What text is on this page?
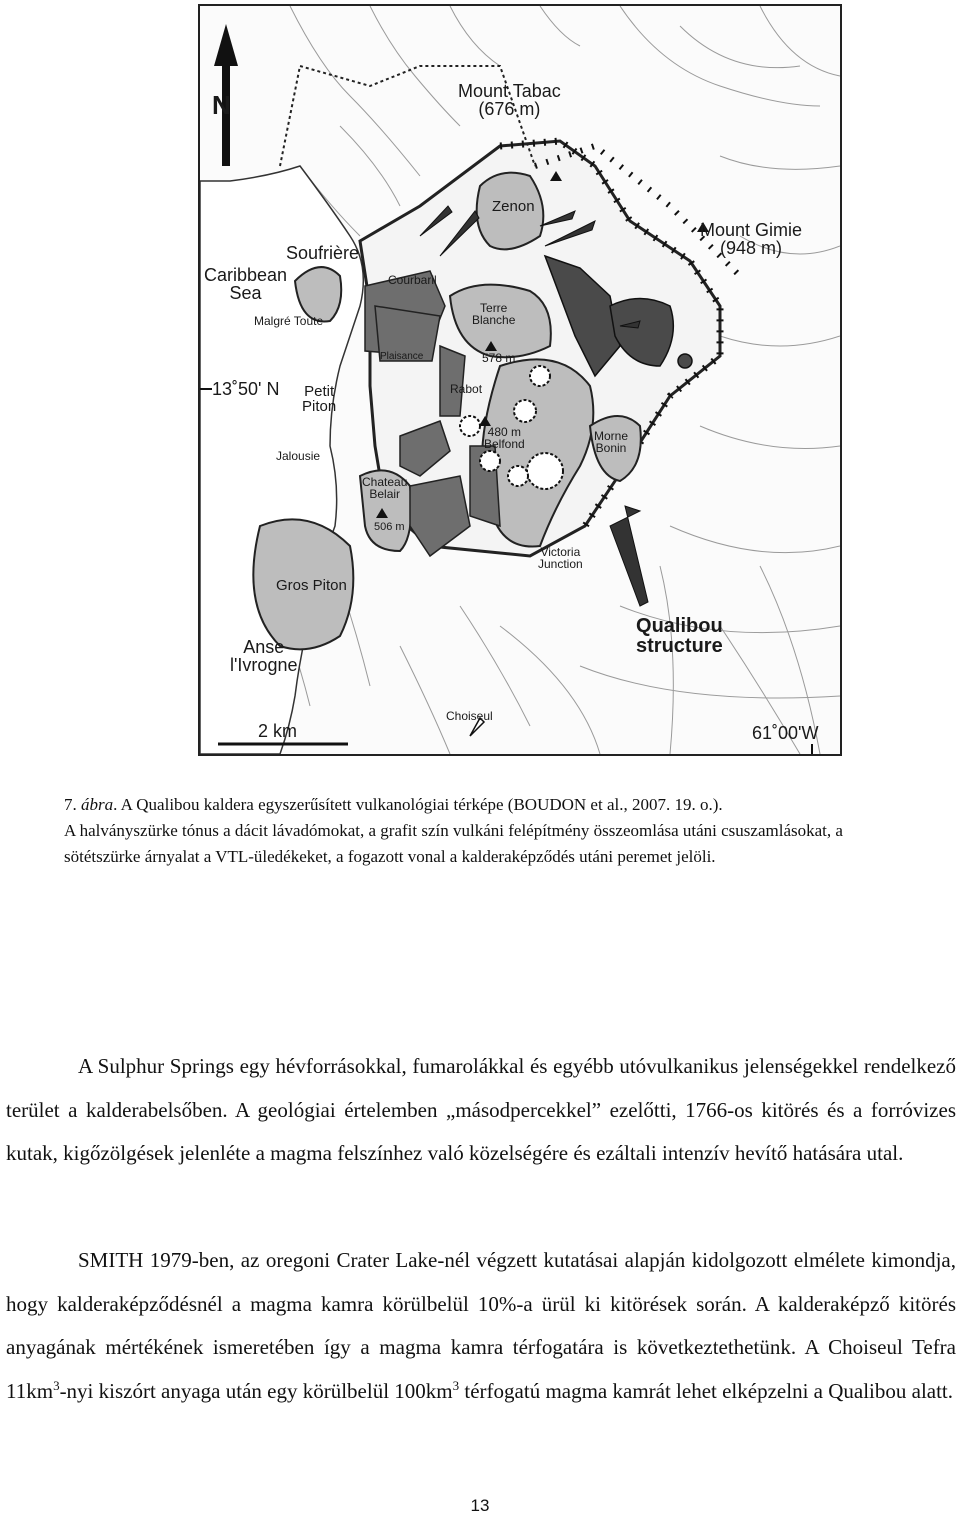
N	Mount Tabac
(676 m)
Zenon
Mount Gimie
(948 m)
Soufrière
Caribbean
Sea
Courbaril
Malgré Toute
Terre
Blanche
578 m
Plaisance
13˚50' N Petit
Piton
Rabot
480 m
Belfond
Morne
Bonin
Jalousie
Chateau
Belair
506 m
Victoria
Junction
Gros Piton
Qualibou
structure
Anse
l'Ivrogne
Choiseul
2 km	61˚00'W

7. ábra. A Qualibou kaldera egyszerűsített vulkanológiai térképe (BOUDON et al., 2007. 19. o.).

A halványszürke tónus a dácit lávadómokat, a grafit szín vulkáni felépítmény összeomlása utáni csuszamlásokat, a sötétszürke árnyalat a VTL-üledékeket, a fogazott vonal a kalderaképződés utáni peremet jelöli.

A Sulphur Springs egy hévforrásokkal, fumarolákkal és egyébb utóvulkanikus jelenségekkel rendelkező terület a kalderabelsőben. A geológiai értelemben „másodpercekkel” ezelőtti, 1766-os kitörés és a forróvizes kutak, kigőzölgések jelenléte a magma felszínhez való közelségére és ezáltali intenzív hevítő hatására utal.
SMITH 1979-ben, az oregoni Crater Lake-nél végzett kutatásai alapján kidolgozott elmélete kimondja, hogy kalderaképződésnél a magma kamra körülbelül 10%-a ürül ki kitörések során. A kalderaképző kitörés anyagának mértékének ismeretében így a magma kamra térfogatára is következtethetünk. A Choiseul Tefra $11km^3$-nyi kiszórt anyaga után egy körülbelül $100km^3$ térfogatú magma kamrát lehet elképzelni a Qualibou alatt.
13
